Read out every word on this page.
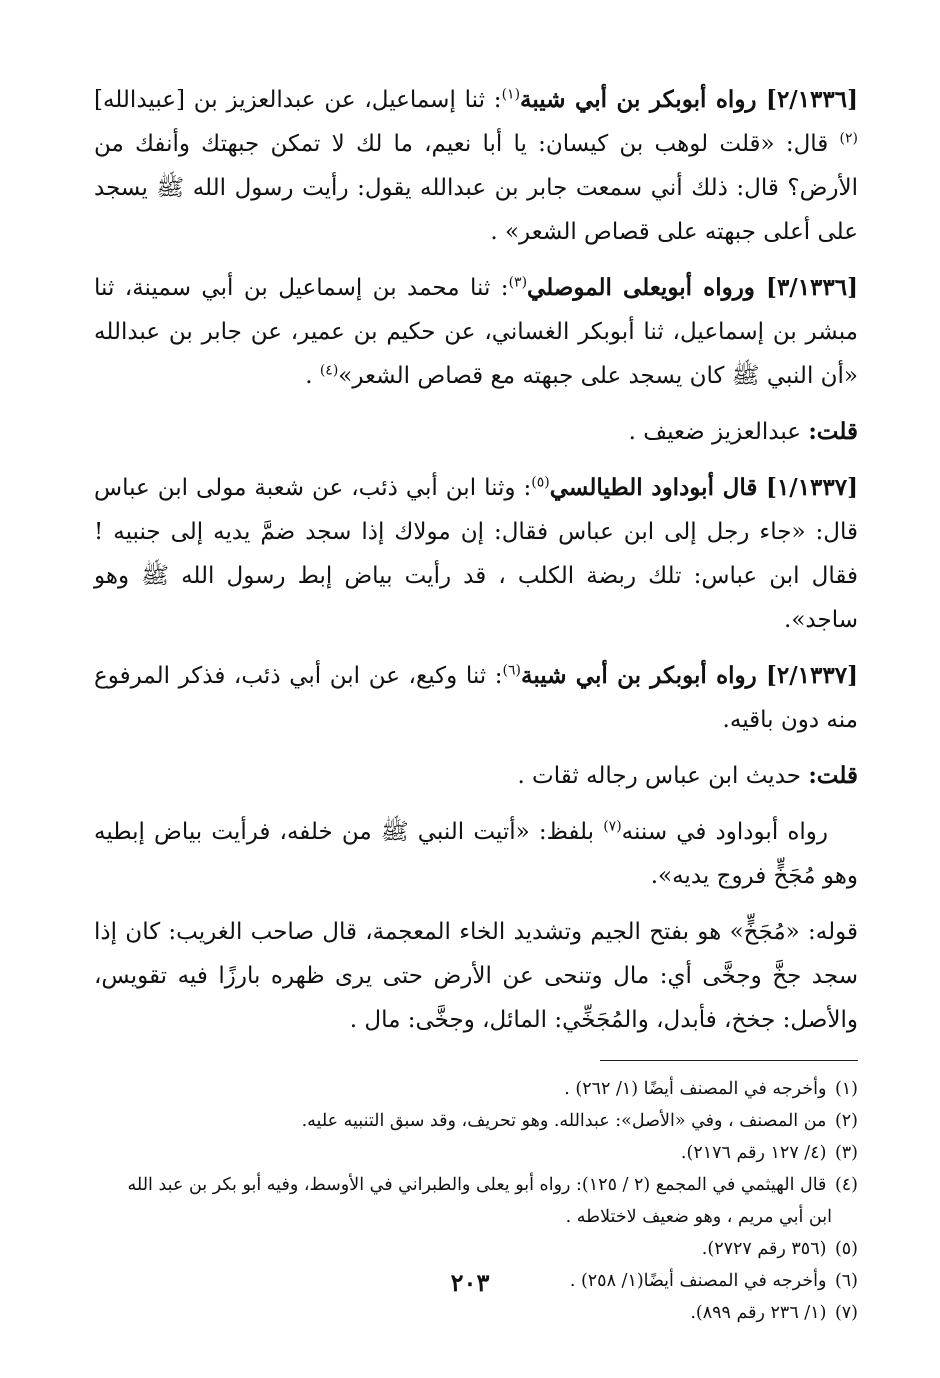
[٢/١٣٣٦] رواه أبوبكر بن أبي شيبة$^{(١)}$: ثنا إسماعيل، عن عبدالعزيز بن [عبيدالله]$^{(٢)}$ قال: «قلت لوهب بن كيسان: يا أبا نعيم، ما لك لا تمكن جبهتك وأنفك من الأرض؟ قال: ذلك أني سمعت جابر بن عبدالله يقول: رأيت رسول الله ﷺ يسجد على أعلى جبهته على قصاص الشعر» .

[٣/١٣٣٦] ورواه أبويعلى الموصلي$^{(٣)}$: ثنا محمد بن إسماعيل بن أبي سمينة، ثنا مبشر بن إسماعيل، ثنا أبوبكر الغساني، عن حكيم بن عمير، عن جابر بن عبدالله «أن النبي ﷺ كان يسجد على جبهته مع قصاص الشعر»$^{(٤)}$ .

قلت: عبدالعزيز ضعيف .

[١/١٣٣٧] قال أبوداود الطيالسي$^{(٥)}$: وثنا ابن أبي ذئب، عن شعبة مولى ابن عباس قال: «جاء رجل إلى ابن عباس فقال: إن مولاك إذا سجد ضمَّ يديه إلى جنبيه ! فقال ابن عباس: تلك ربضة الكلب ، قد رأيت بياض إبط رسول الله ﷺ وهو ساجد».

[٢/١٣٣٧] رواه أبوبكر بن أبي شيبة$^{(٦)}$: ثنا وكيع، عن ابن أبي ذئب، فذكر المرفوع منه دون باقيه.

قلت: حديث ابن عباس رجاله ثقات .

رواه أبوداود في سننه$^{(٧)}$ بلفظ: «أتيت النبي ﷺ من خلفه، فرأيت بياض إبطيه وهو مُجَخٍّ فروج يديه».

قوله: «مُجَخٍّ» هو بفتح الجيم وتشديد الخاء المعجمة، قال صاحب الغريب: كان إذا سجد جخَّ وجخَّى أي: مال وتنحى عن الأرض حتى يرى ظهره بارزًا فيه تقويس، والأصل: جخخ، فأبدل، والمُجَخِّي: المائل، وجخَّى: مال .

(١) وأخرجه في المصنف أيضًا (١/ ٢٦٢) .

(٢) من المصنف ، وفي «الأصل»: عبدالله. وهو تحريف، وقد سبق التنبيه عليه.

(٣) (٤/ ١٢٧ رقم ٢١٧٦).

(٤) قال الهيثمي في المجمع (٢ / ١٢٥): رواه أبو يعلى والطبراني في الأوسط، وفيه أبو بكر بن عبد الله

ابن أبي مريم ، وهو ضعيف لاختلاطه .

(٥) (٣٥٦ رقم ٢٧٢٧).

(٦) وأخرجه في المصنف أيضًا(١/ ٢٥٨) .

(٧) (١/ ٢٣٦ رقم ٨٩٩).

٢٠٣
